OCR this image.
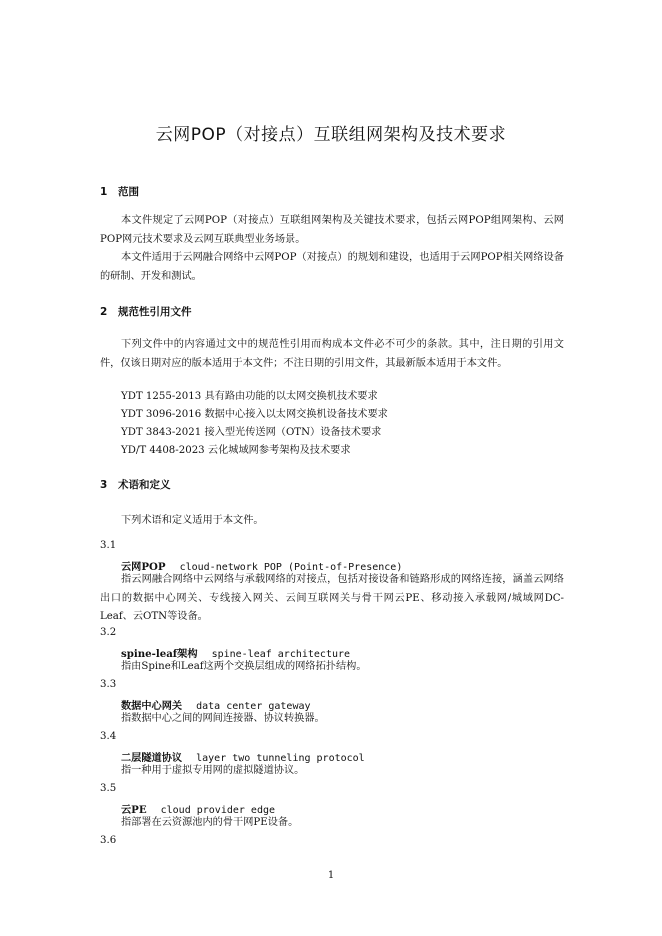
云网POP（对接点）互联组网架构及技术要求
1 范围
本文件规定了云网POP（对接点）互联组网架构及关键技术要求，包括云网POP组网架构、云网POP网元技术要求及云网互联典型业务场景。
本文件适用于云网融合网络中云网POP（对接点）的规划和建设，也适用于云网POP相关网络设备的研制、开发和测试。
2 规范性引用文件
下列文件中的内容通过文中的规范性引用而构成本文件必不可少的条款。其中，注日期的引用文件，仅该日期对应的版本适用于本文件；不注日期的引用文件，其最新版本适用于本文件。
YDT 1255-2013 具有路由功能的以太网交换机技术要求
YDT 3096-2016 数据中心接入以太网交换机设备技术要求
YDT 3843-2021 接入型光传送网（OTN）设备技术要求
YD/T 4408-2023 云化城域网参考架构及技术要求
3 术语和定义
下列术语和定义适用于本文件。
3.1
云网POP cloud-network POP (Point-of-Presence)
指云网融合网络中云网络与承载网络的对接点，包括对接设备和链路形成的网络连接，涵盖云网络出口的数据中心网关、专线接入网关、云间互联网关与骨干网云PE、移动接入承载网/城域网DC-Leaf、云OTN等设备。
3.2
spine-leaf架构 spine-leaf architecture
指由Spine和Leaf这两个交换层组成的网络拓扑结构。
3.3
数据中心网关 data center gateway
指数据中心之间的网间连接器、协议转换器。
3.4
二层隧道协议 layer two tunneling protocol
指一种用于虚拟专用网的虚拟隧道协议。
3.5
云PE cloud provider edge
指部署在云资源池内的骨干网PE设备。
3.6
1
